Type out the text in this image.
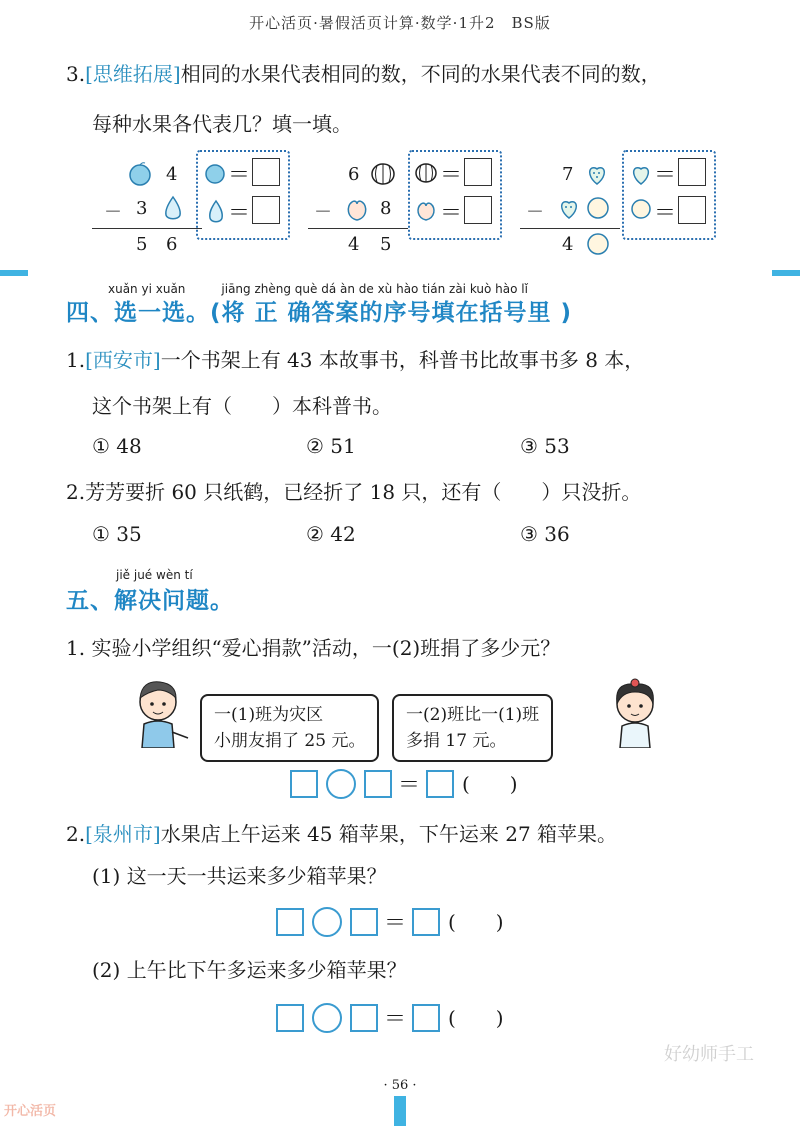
开心活页·暑假活页计算·数学·1升2　BS版
3.[思维拓展]相同的水果代表相同的数，不同的水果代表不同的数，
每种水果各代表几？填一填。
4
－ 3
5 6
＝
＝
6
－	8
4 5
＝
＝
7
－
4
＝
＝
xuǎn yi xuǎn　　　jiāng zhèng què dá àn de xù hào tián zài kuò hào lǐ
四、选一选。(将 正 确答案的序号填在括号里 )
1.[西安市]一个书架上有 43 本故事书，科普书比故事书多 8 本，
这个书架上有（　　）本科普书。
① 48	② 51	③ 53
2.芳芳要折 60 只纸鹤，已经折了 18 只，还有（　　）只没折。
① 35	② 42	③ 36
jiě jué wèn tí
五、解决问题。
1. 实验小学组织“爱心捐款”活动，一(2)班捐了多少元？
一(1)班为灾区
小朋友捐了 25 元。
一(2)班比一(1)班
多捐 17 元。
＝ (　　)
2.[泉州市]水果店上午运来 45 箱苹果，下午运来 27 箱苹果。
(1) 这一天一共运来多少箱苹果？
＝ (　　)
(2) 上午比下午多运来多少箱苹果？
＝ (　　)
好幼师手工
· 56 ·
开心活页
